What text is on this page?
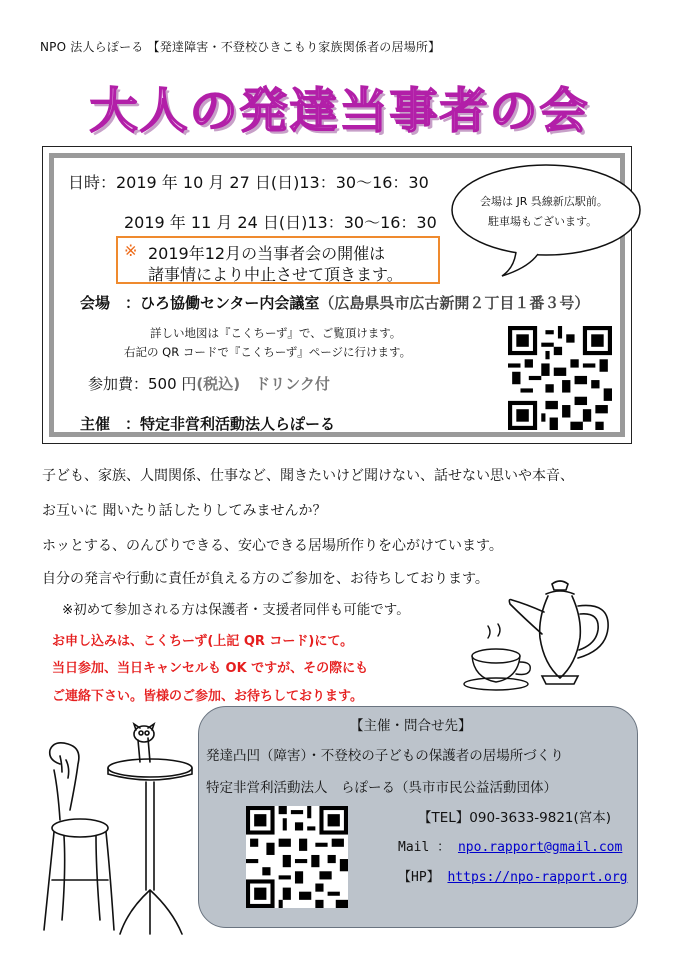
NPO 法人らぽーる 【発達障害・不登校ひきこもり家族関係者の居場所】
大人の発達当事者の会
日時：2019 年 10 月 27 日(日)13：30～16：30
2019 年 11 月 24 日(日)13：30～16：30
※ 2019年12月の当事者会の開催は
諸事情により中止させて頂きます。
会場　：ひろ協働センター内会議室（広島県呉市広古新開２丁目１番３号）
詳しい地図は『こくちーず』で、ご覧頂けます。
右記の QR コードで『こくちーず』ページに行けます。
参加費：500 円(税込)　 ドリンク付
主催　：特定非営利活動法人らぽーる
会場は JR 呉線新広駅前。
駐車場もございます。
子ども、家族、人間関係、仕事など、聞きたいけど聞けない、話せない思いや本音、
お互いに 聞いたり話したりしてみませんか？
ホッとする、のんびりできる、安心できる居場所作りを心がけています。
自分の発言や行動に責任が負える方のご参加を、お待ちしております。
※初めて参加される方は保護者・支援者同伴も可能です。
お申し込みは、こくちーず(上記 QR コード)にて。
当日参加、当日キャンセルも OK ですが、その際にも
ご連絡下さい。皆様のご参加、お待ちしております。
【主催・問合せ先】
発達凸凹（障害）・不登校の子どもの保護者の居場所づくり
特定非営利活動法人　らぽーる（呉市市民公益活動団体）
【TEL】090-3633-9821(宮本)
Mail ： npo.rapport@gmail.com
【HP】 https://npo-rapport.org
